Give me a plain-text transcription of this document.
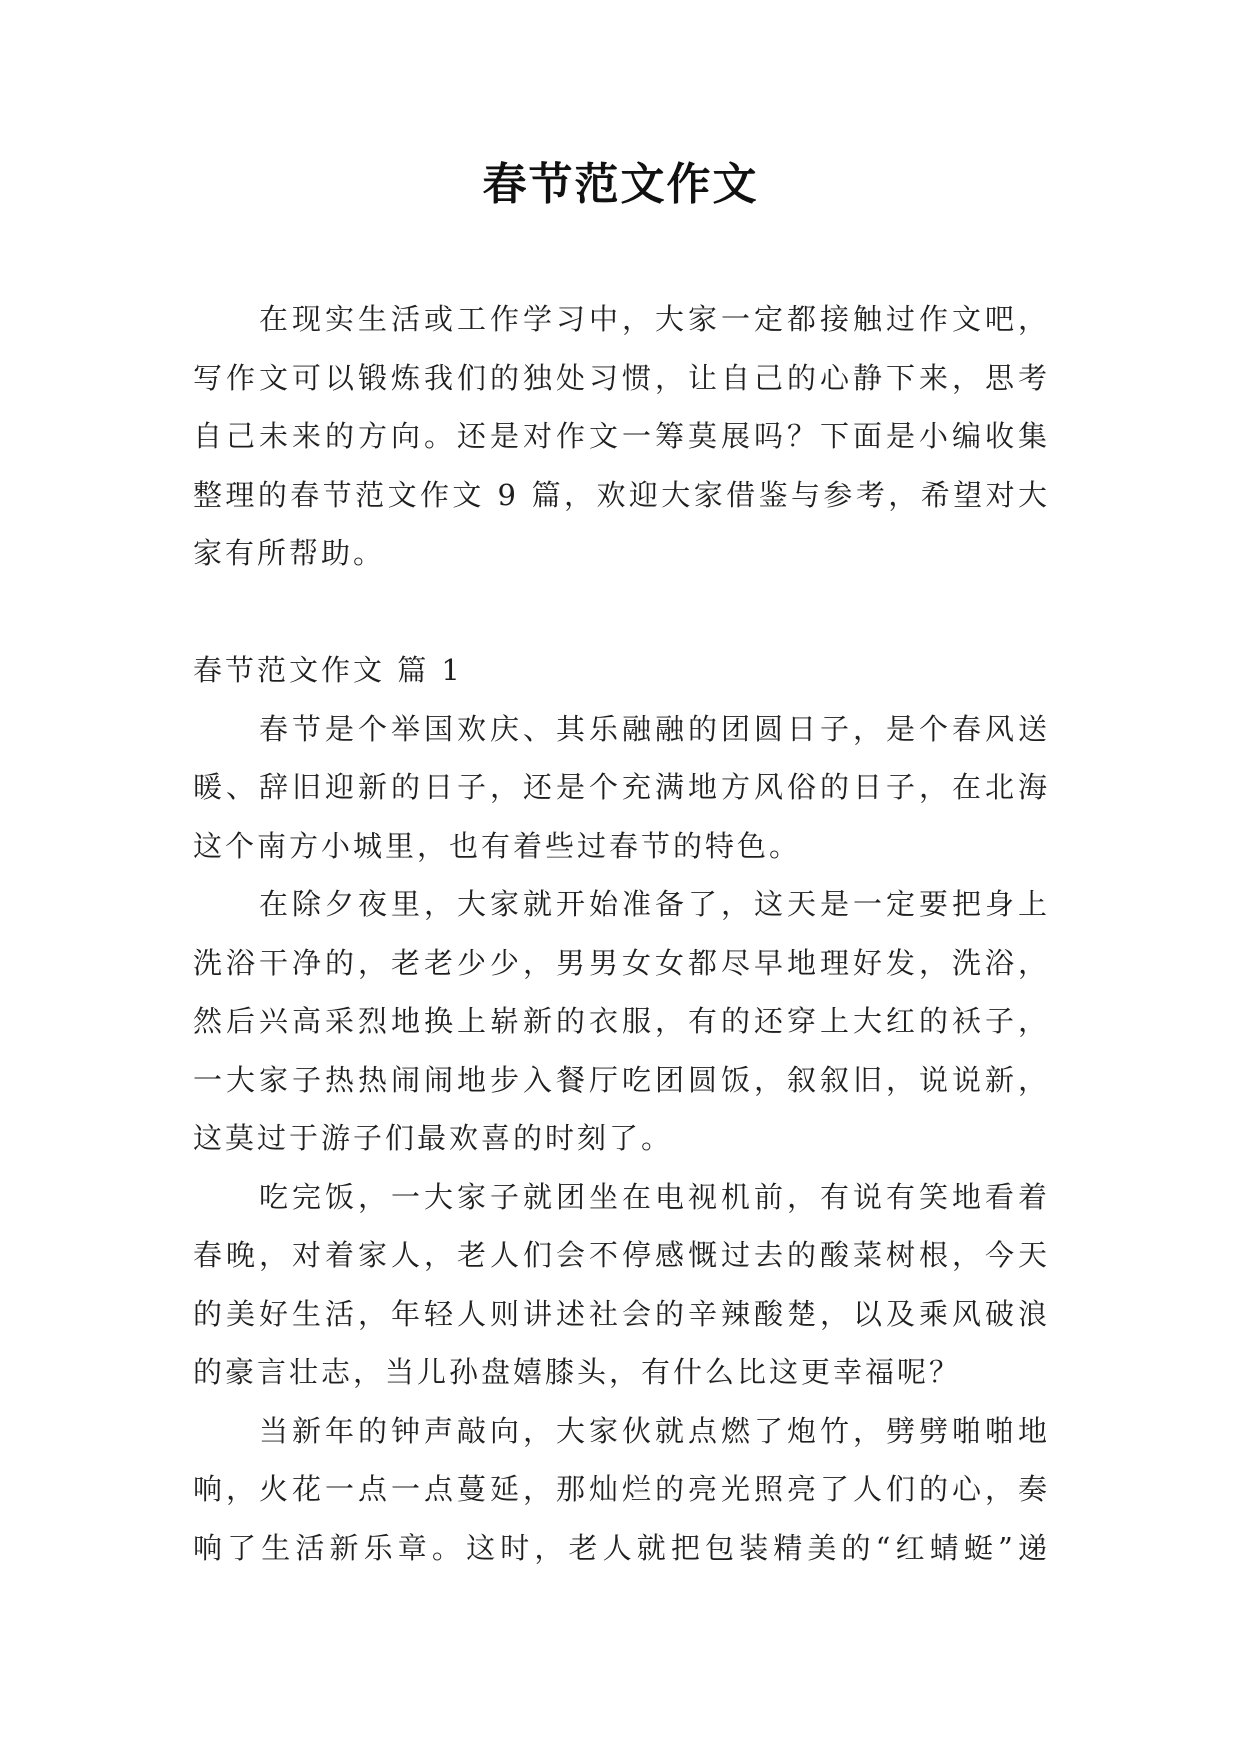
春节范文作文
在现实生活或工作学习中，大家一定都接触过作文吧，
写作文可以锻炼我们的独处习惯，让自己的心静下来，思考
自己未来的方向。还是对作文一筹莫展吗？下面是小编收集
整理的春节范文作文 9 篇，欢迎大家借鉴与参考，希望对大
家有所帮助。
春节范文作文 篇 1
春节是个举国欢庆、其乐融融的团圆日子，是个春风送
暖、辞旧迎新的日子，还是个充满地方风俗的日子，在北海
这个南方小城里，也有着些过春节的特色。
在除夕夜里，大家就开始准备了，这天是一定要把身上
洗浴干净的，老老少少，男男女女都尽早地理好发，洗浴，
然后兴高采烈地换上崭新的衣服，有的还穿上大红的袄子，
一大家子热热闹闹地步入餐厅吃团圆饭，叙叙旧，说说新，
这莫过于游子们最欢喜的时刻了。
吃完饭，一大家子就团坐在电视机前，有说有笑地看着
春晚，对着家人，老人们会不停感慨过去的酸菜树根，今天
的美好生活，年轻人则讲述社会的辛辣酸楚，以及乘风破浪
的豪言壮志，当儿孙盘嬉膝头，有什么比这更幸福呢？
当新年的钟声敲向，大家伙就点燃了炮竹，劈劈啪啪地
响，火花一点一点蔓延，那灿烂的亮光照亮了人们的心，奏
响了生活新乐章。这时，老人就把包装精美的“红蜻蜓”递
